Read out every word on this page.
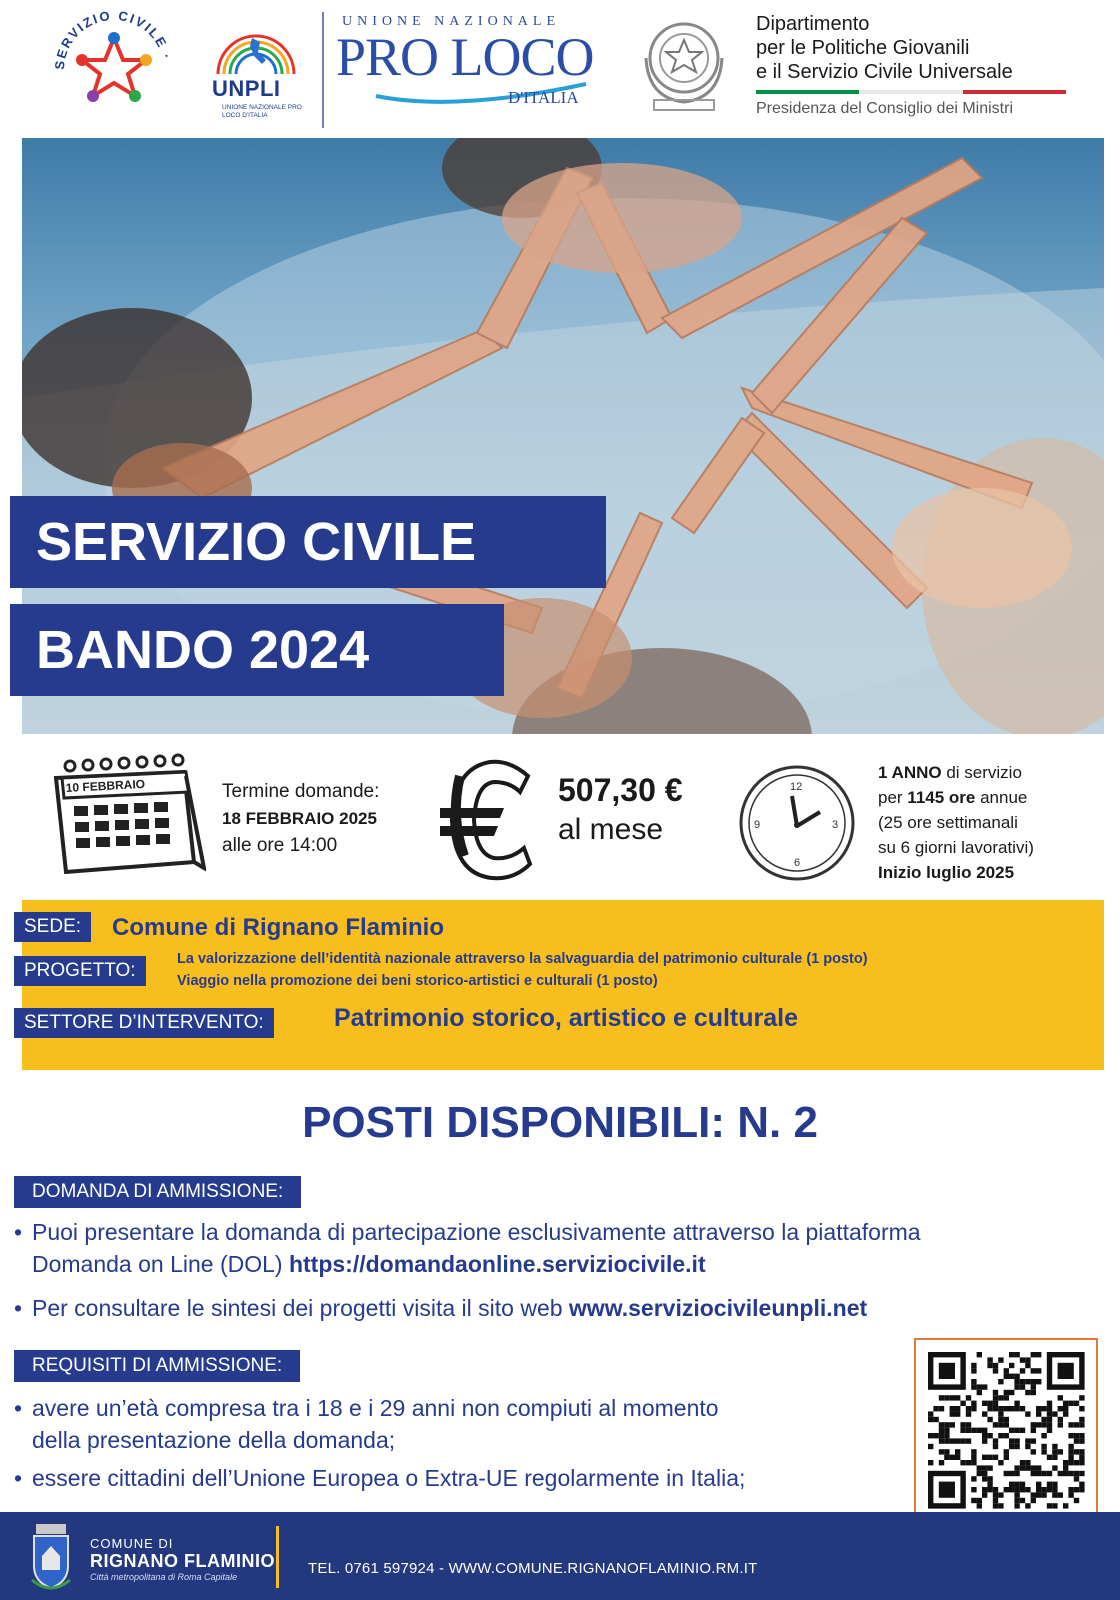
SERVIZIO CIVILE ·
UNPLI
UNIONE NAZIONALE PRO LOCO D'ITALIA
UNIONE NAZIONALE
PRO LOCO
D'ITALIA
Dipartimento
per le Politiche Giovanili
e il Servizio Civile Universale
Presidenza del Consiglio dei Ministri
SERVIZIO CIVILE
BANDO 2024
10 FEBBRAIO	Termine domande:
18 FEBBRAIO 2025
alle ore 14:00
507,30 €
al mese
12
3
6
9
1 ANNO di servizio
per 1145 ore annue
(25 ore settimanali
su 6 giorni lavorativi)
Inizio luglio 2025
SEDE:	Comune di Rignano Flaminio
PROGETTO:
La valorizzazione dell’identità nazionale attraverso la salvaguardia del patrimonio culturale (1 posto)
Viaggio nella promozione dei beni storico-artistici e culturali (1 posto)
SETTORE D’INTERVENTO:	Patrimonio storico, artistico e culturale
POSTI DISPONIBILI: N. 2
DOMANDA DI AMMISSIONE:
• Puoi presentare la domanda di partecipazione esclusivamente attraverso la piattaforma
Domanda on Line (DOL) https://domandaonline.serviziocivile.it
• Per consultare le sintesi dei progetti visita il sito web www.serviziocivileunpli.net
REQUISITI DI AMMISSIONE:
• avere un’età compresa tra i 18 e i 29 anni non compiuti al momento
della presentazione della domanda;
• essere cittadini dell’Unione Europea o Extra-UE regolarmente in Italia;
COMUNE DI
RIGNANO FLAMINIO
Città metropolitana di Roma Capitale	TEL. 0761 597924 - WWW.COMUNE.RIGNANOFLAMINIO.RM.IT
